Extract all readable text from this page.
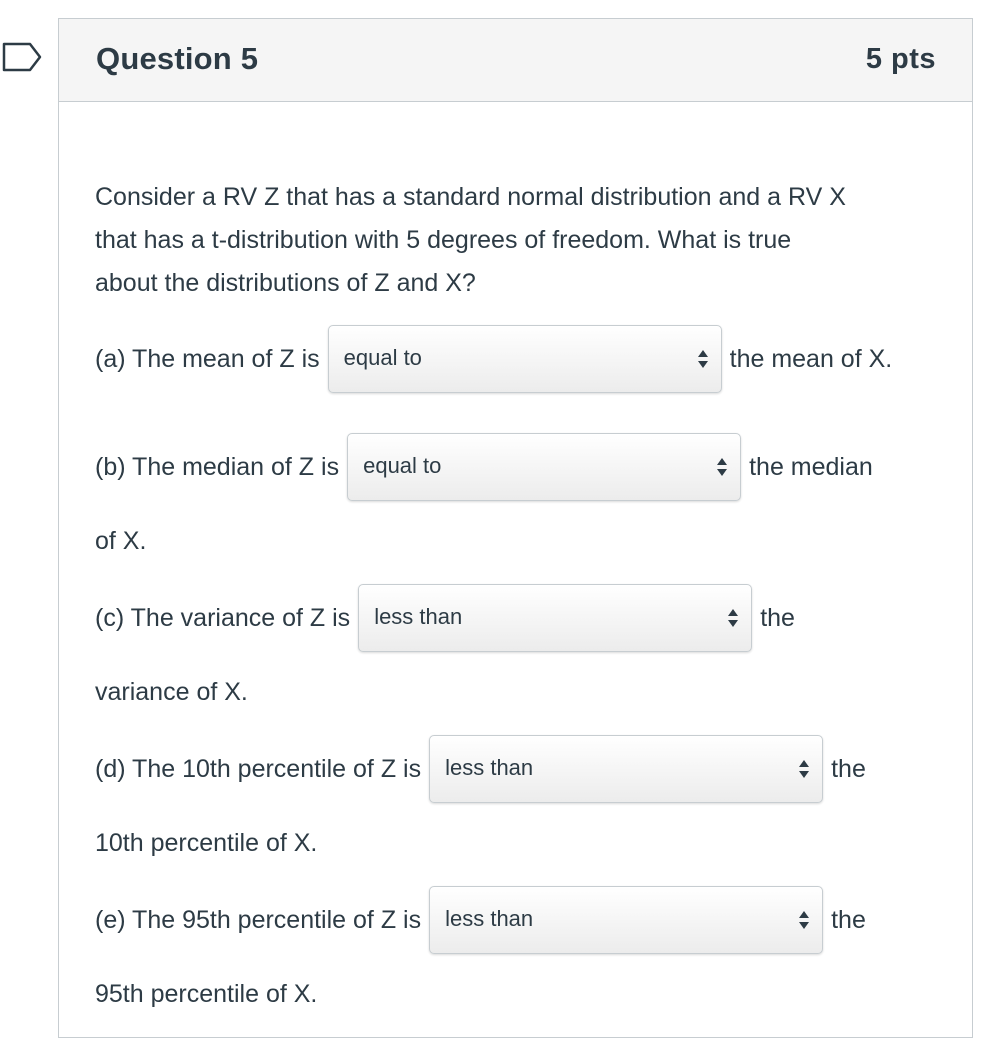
Question 5	5 pts

Consider a RV Z that has a standard normal distribution and a RV X

that has a t-distribution with 5 degrees of freedom. What is true

about the distributions of Z and X?

(a) The mean of Z is equal to	the mean of X.
(b) The median of Z is equal to	the median
of X.
(c) The variance of Z is less than	the
variance of X.
(d) The 10th percentile of Z is less than	the
10th percentile of X.
(e) The 95th percentile of Z is less than	the
95th percentile of X.
